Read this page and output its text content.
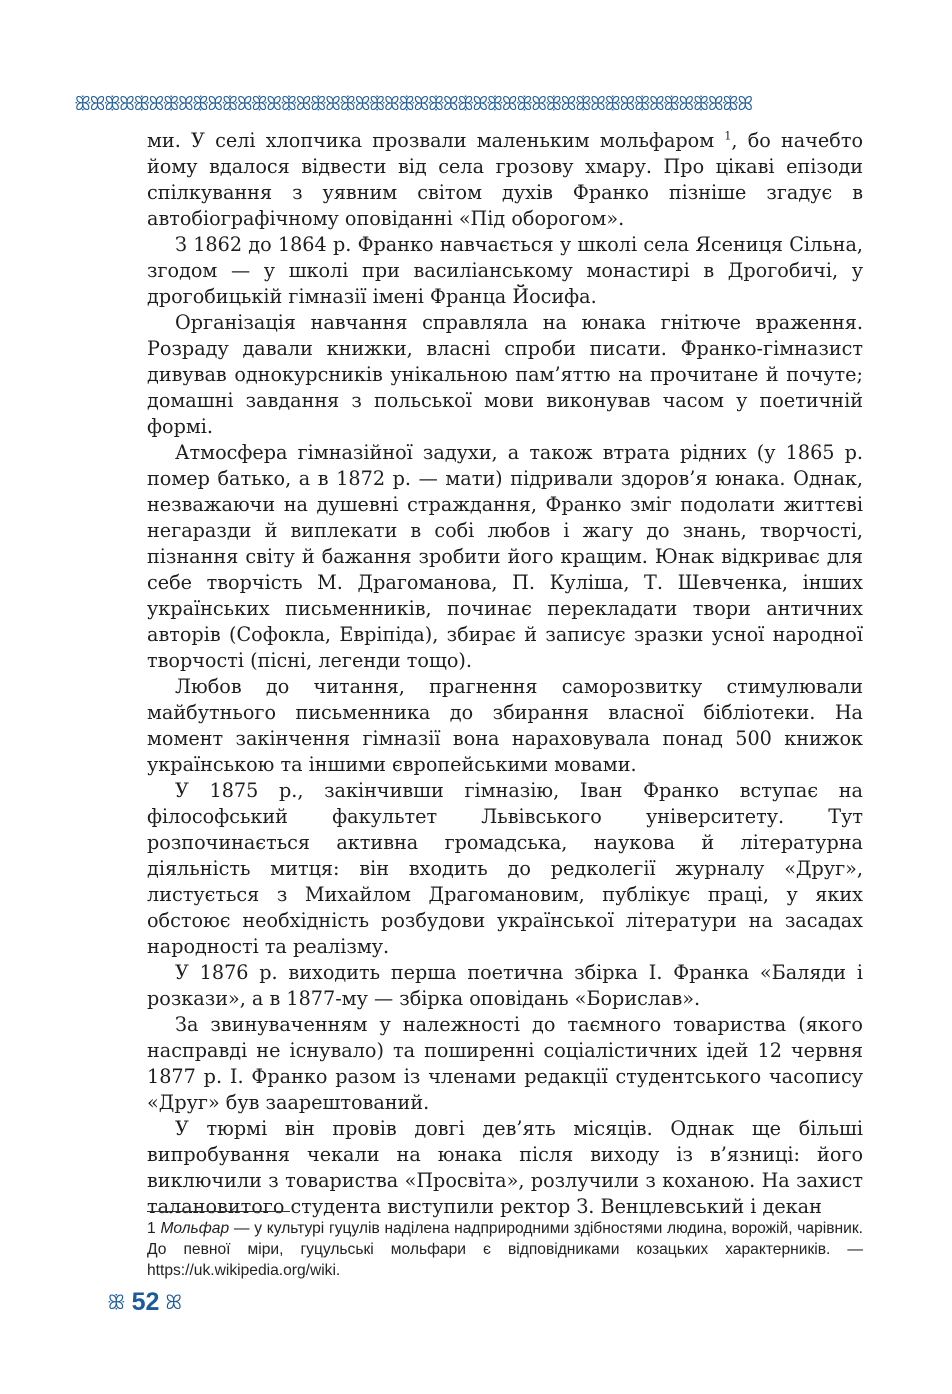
ꕥꕤꕥꕤꕥꕤꕥꕤꕥꕤꕥꕤꕥꕤꕥꕤꕥꕤꕥꕤꕥꕤꕥꕤꕥꕤꕥꕤꕥꕤꕥꕤꕥꕤꕥꕤꕥꕤꕥꕤꕥꕤꕥꕤꕥꕤ

ми. У селі хлопчика прозвали маленьким мольфаром $^1$, бо начебто йому вдалося відвести від села грозову хмару. Про цікаві епізоди спілкування з уявним світом духів Франко пізніше згадує в автобіографічному оповіданні «Під оборогом».

З 1862 до 1864 р. Франко навчається у школі села Ясениця Сільна, згодом — у школі при василіанському монастирі в Дрогобичі, у дрогобицькій гімназії імені Франца Йосифа.

Організація навчання справляла на юнака гнітюче враження. Розраду давали книжки, власні спроби писати. Франко-гімназист дивував однокурсників унікальною пам’яттю на прочитане й почуте; домашні завдання з польської мови виконував часом у поетичній формі.

Атмосфера гімназійної задухи, а також втрата рідних (у 1865 р. помер батько, а в 1872 р. — мати) підривали здоров’я юнака. Однак, незважаючи на душевні страждання, Франко зміг подолати життєві негаразди й виплекати в собі любов і жагу до знань, творчості, пізнання світу й бажання зробити його кращим. Юнак відкриває для себе творчість М. Драгоманова, П. Куліша, Т. Шевченка, інших українських письменників, починає перекладати твори античних авторів (Софокла, Евріпіда), збирає й записує зразки усної народної творчості (пісні, легенди тощо).

Любов до читання, прагнення саморозвитку стимулювали майбутнього письменника до збирання власної бібліотеки. На момент закінчення гімназії вона нараховувала понад 500 книжок українською та іншими європейськими мовами.

У 1875 р., закінчивши гімназію, Іван Франко вступає на філософський факультет Львівського університету. Тут розпочинається активна громадська, наукова й літературна діяльність митця: він входить до редколегії журналу «Друг», листується з Михайлом Драгомановим, публікує праці, у яких обстоює необхідність розбудови української літератури на засадах народності та реалізму.

У 1876 р. виходить перша поетична збірка І. Франка «Баляди і розкази», а в 1877-му — збірка оповідань «Борислав».

За звинуваченням у належності до таємного товариства (якого насправді не існувало) та поширенні соціалістичних ідей 12 червня 1877 р. І. Франко разом із членами редакції студентського часопису «Друг» був заарештований.

У тюрмі він провів довгі дев’ять місяців. Однак ще більші випробування чекали на юнака після виходу із в’язниці: його виключили з товариства «Просвіта», розлучили з коханою. На захист талановитого студента виступили ректор З. Венцлевський і декан

1 Мольфар — у культурі гуцулів наділена надприродними здібностями людина, ворожій, чарівник. До певної міри, гуцульські мольфари є відповідниками козацьких характерників. — https://uk.wikipedia.org/wiki.
ꕥ 52 ꕤ
